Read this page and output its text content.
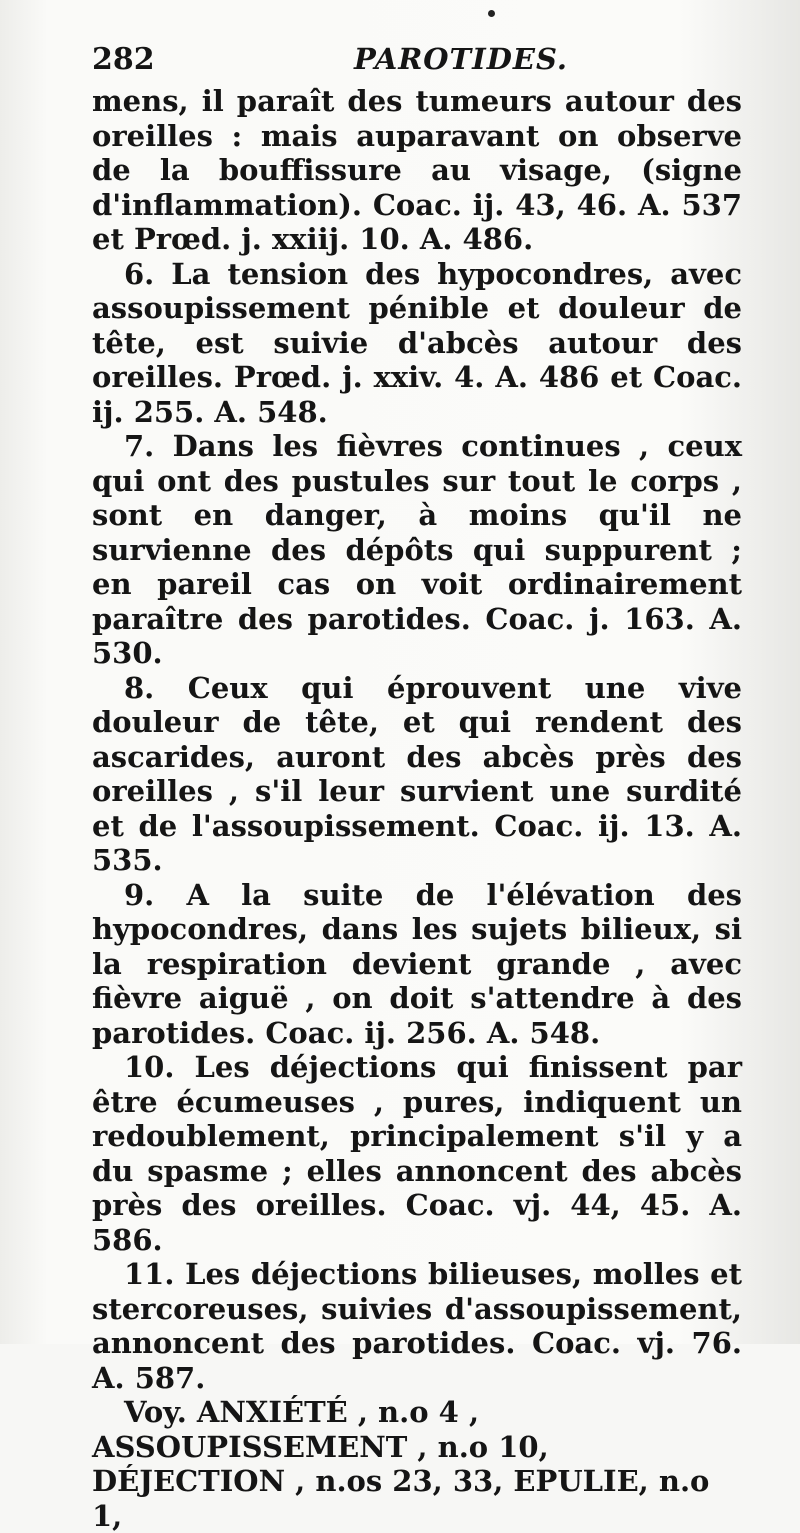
282	PAROTIDES.

mens, il paraît des tumeurs autour des oreilles : mais auparavant on observe de la bouffissure au visage, (signe d'inflammation). Coac. ij. 43, 46. A. 537 et Prœd. j. xxiij. 10. A. 486.

6. La tension des hypocondres, avec assoupissement pénible et douleur de tête, est suivie d'abcès autour des oreilles. Prœd. j. xxiv. 4. A. 486 et Coac. ij. 255. A. 548.

7. Dans les fièvres continues , ceux qui ont des pustules sur tout le corps , sont en danger, à moins qu'il ne survienne des dépôts qui suppurent ; en pareil cas on voit ordinairement paraître des parotides. Coac. j. 163. A. 530.

8. Ceux qui éprouvent une vive douleur de tête, et qui rendent des ascarides, auront des abcès près des oreilles , s'il leur survient une surdité et de l'assoupissement. Coac. ij. 13. A. 535.

9. A la suite de l'élévation des hypocondres, dans les sujets bilieux, si la respiration devient grande , avec fièvre aiguë , on doit s'attendre à des parotides. Coac. ij. 256. A. 548.

10. Les déjections qui finissent par être écumeuses , pures, indiquent un redoublement, principalement s'il y a du spasme ; elles annoncent des abcès près des oreilles. Coac. vj. 44, 45. A. 586.

11. Les déjections bilieuses, molles et stercoreuses, suivies d'assoupissement, annoncent des parotides. Coac. vj. 76. A. 587.

Voy. ANXIÉTÉ , n.o 4 , ASSOUPISSEMENT , n.o 10, DÉJECTION , n.os 23, 33, EPULIE, n.o 1,
